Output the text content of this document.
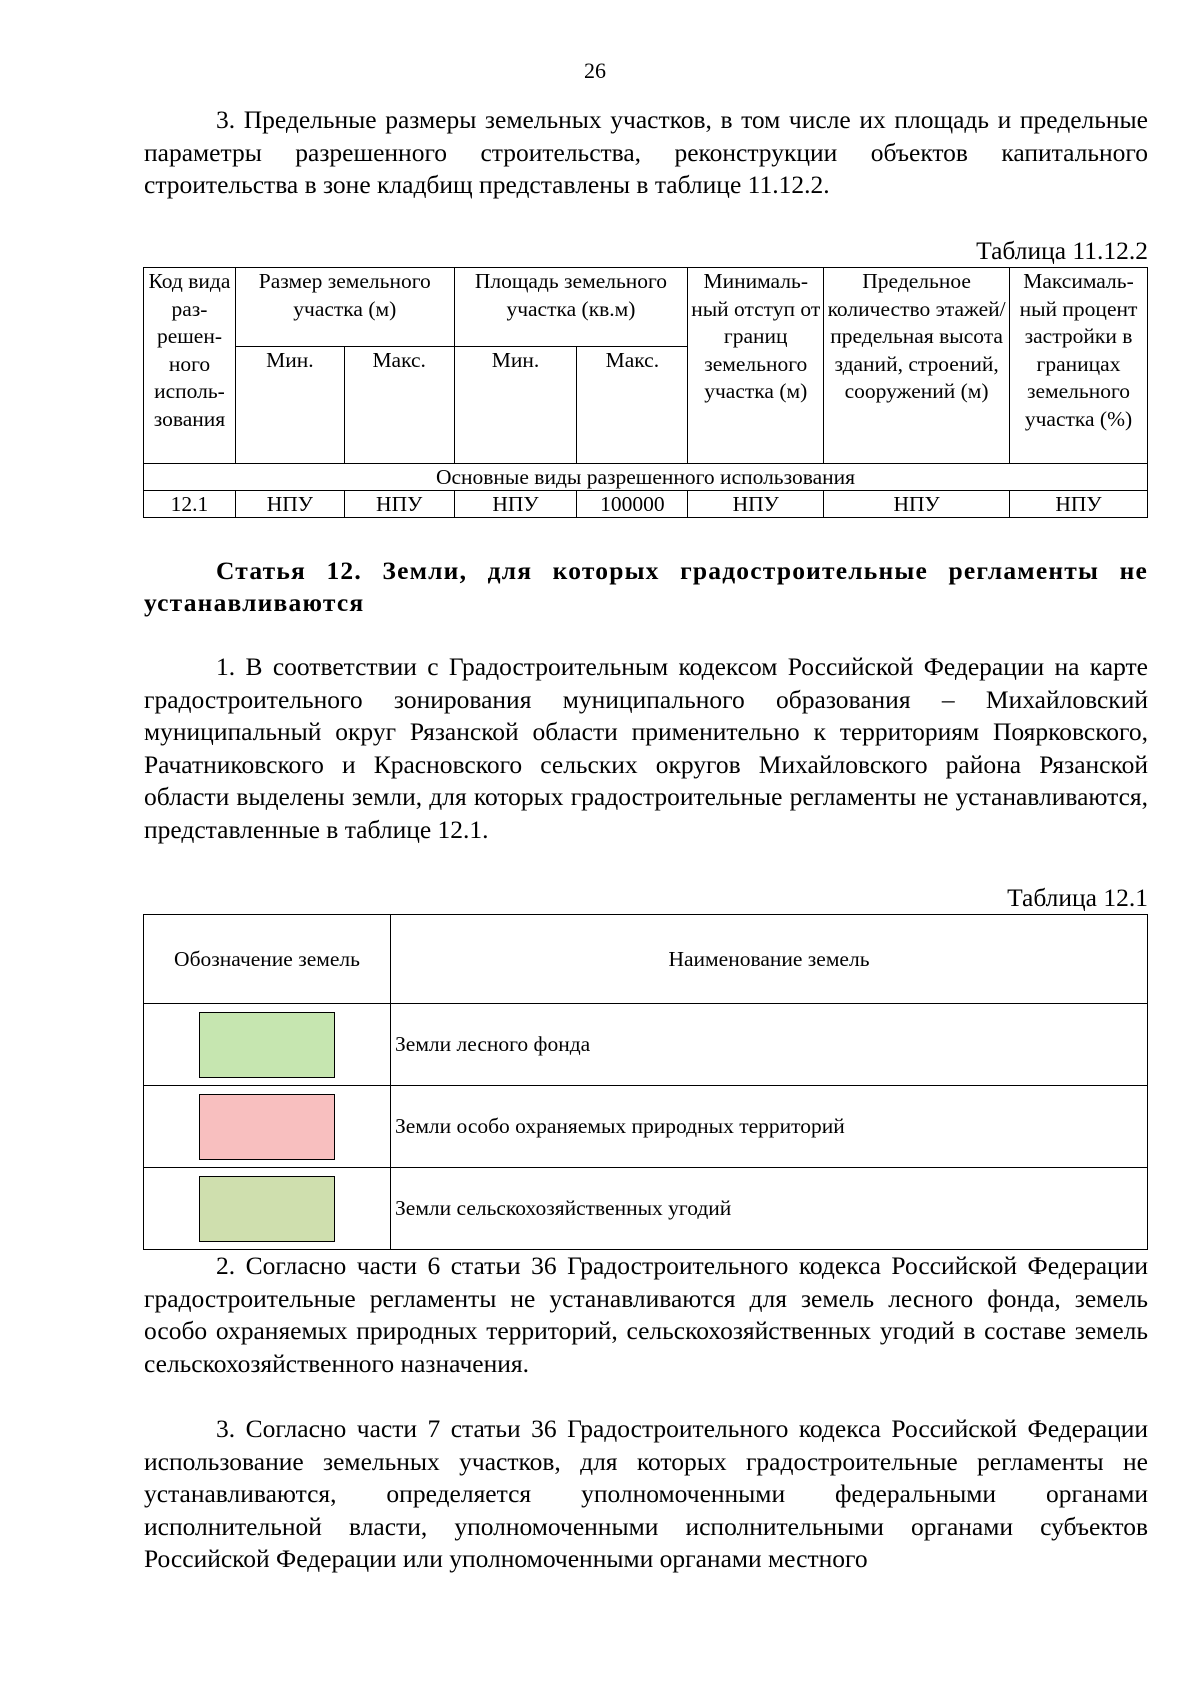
26

3. Предельные размеры земельных участков, в том числе их площадь и предельные параметры разрешенного строительства, реконструкции объектов капитального строительства в зоне кладбищ представлены в таблице 11.12.2.

Таблица 11.12.2
Код вида раз-решен-ного исполь-зования	Размер земельного участка (м)		Площадь земельного участка (кв.м)		Минималь-ный отступ от границ земельного участка (м)	Предельное количество этажей/ предельная высота зданий, строений, сооружений (м)	Максималь-ный процент застройки в границах земельного участка (%)
	Мин.	Макс.	Мин.	Макс.			
Основные виды разрешенного использования							
12.1	НПУ	НПУ	НПУ	100000	НПУ	НПУ	НПУ

Статья 12. Земли, для которых градостроительные регламенты не устанавливаются

1. В соответствии с Градостроительным кодексом Российской Федерации на карте градостроительного зонирования муниципального образования – Михайловский муниципальный округ Рязанской области применительно к территориям Поярковского, Рачатниковского и Красновского сельских округов Михайловского района Рязанской области выделены земли, для которых градостроительные регламенты не устанавливаются, представленные в таблице 12.1.

Таблица 12.1
Обозначение земель	Наименование земель
	Земли лесного фонда
	Земли особо охраняемых природных территорий
	Земли сельскохозяйственных угодий

2. Согласно части 6 статьи 36 Градостроительного кодекса Российской Федерации градостроительные регламенты не устанавливаются для земель лесного фонда, земель особо охраняемых природных территорий, сельскохозяйственных угодий в составе земель сельскохозяйственного назначения.

3. Согласно части 7 статьи 36 Градостроительного кодекса Российской Федерации использование земельных участков, для которых градостроительные регламенты не устанавливаются, определяется уполномоченными федеральными органами исполнительной власти, уполномоченными исполнительными органами субъектов Российской Федерации или уполномоченными органами местного
